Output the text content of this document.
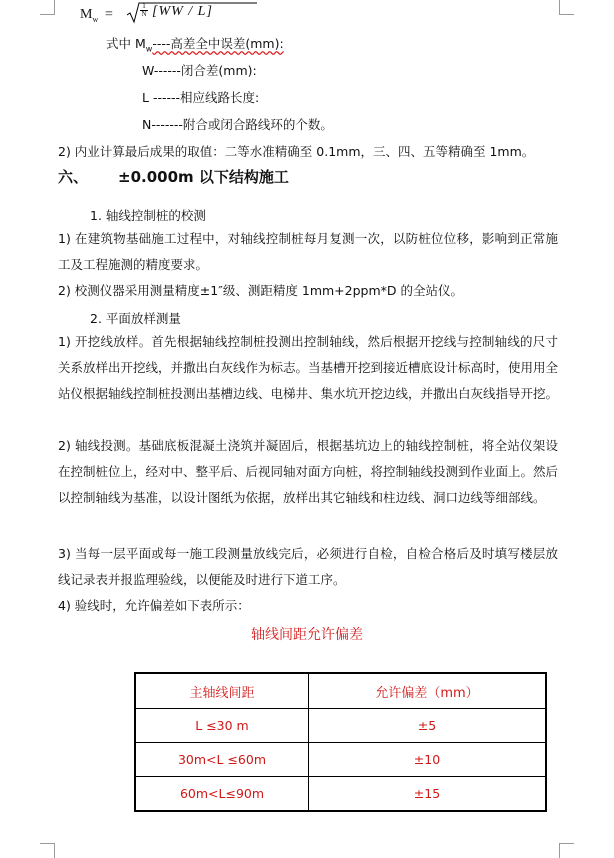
$M_w$ =	$\frac{1}{N} [WW / L]$
式中 $M_w----$高差全中误差(mm):
W------闭合差(mm):
L ------相应线路长度:
N-------附合或闭合路线环的个数。
2) 内业计算最后成果的取值：二等水准精确至 0.1mm，三、四、五等精确至 1mm。
六、 ±0.000m 以下结构施工
1. 轴线控制桩的校测
1) 在建筑物基础施工过程中，对轴线控制桩每月复测一次，以防桩位位移，影响到正常施工及工程施测的精度要求。
2) 校测仪器采用测量精度±1″级、测距精度 1mm+2ppm*D 的全站仪。
2. 平面放样测量
1) 开挖线放样。首先根据轴线控制桩投测出控制轴线，然后根据开挖线与控制轴线的尺寸关系放样出开挖线，并撒出白灰线作为标志。当基槽开挖到接近槽底设计标高时，使用用全站仪根据轴线控制桩投测出基槽边线、电梯井、集水坑开挖边线，并撒出白灰线指导开挖。
2) 轴线投测。基础底板混凝土浇筑并凝固后，根据基坑边上的轴线控制桩，将全站仪架设在控制桩位上，经对中、整平后、后视同轴对面方向桩，将控制轴线投测到作业面上。然后以控制轴线为基准，以设计图纸为依据，放样出其它轴线和柱边线、洞口边线等细部线。
3) 当每一层平面或每一施工段测量放线完后，必须进行自检，自检合格后及时填写楼层放线记录表并报监理验线，以便能及时进行下道工序。
4) 验线时，允许偏差如下表所示：
轴线间距允许偏差
主轴线间距	允许偏差（mm）
L ≤30 m	±5
30m<L ≤60m	±10
60m<L≤90m	±15
